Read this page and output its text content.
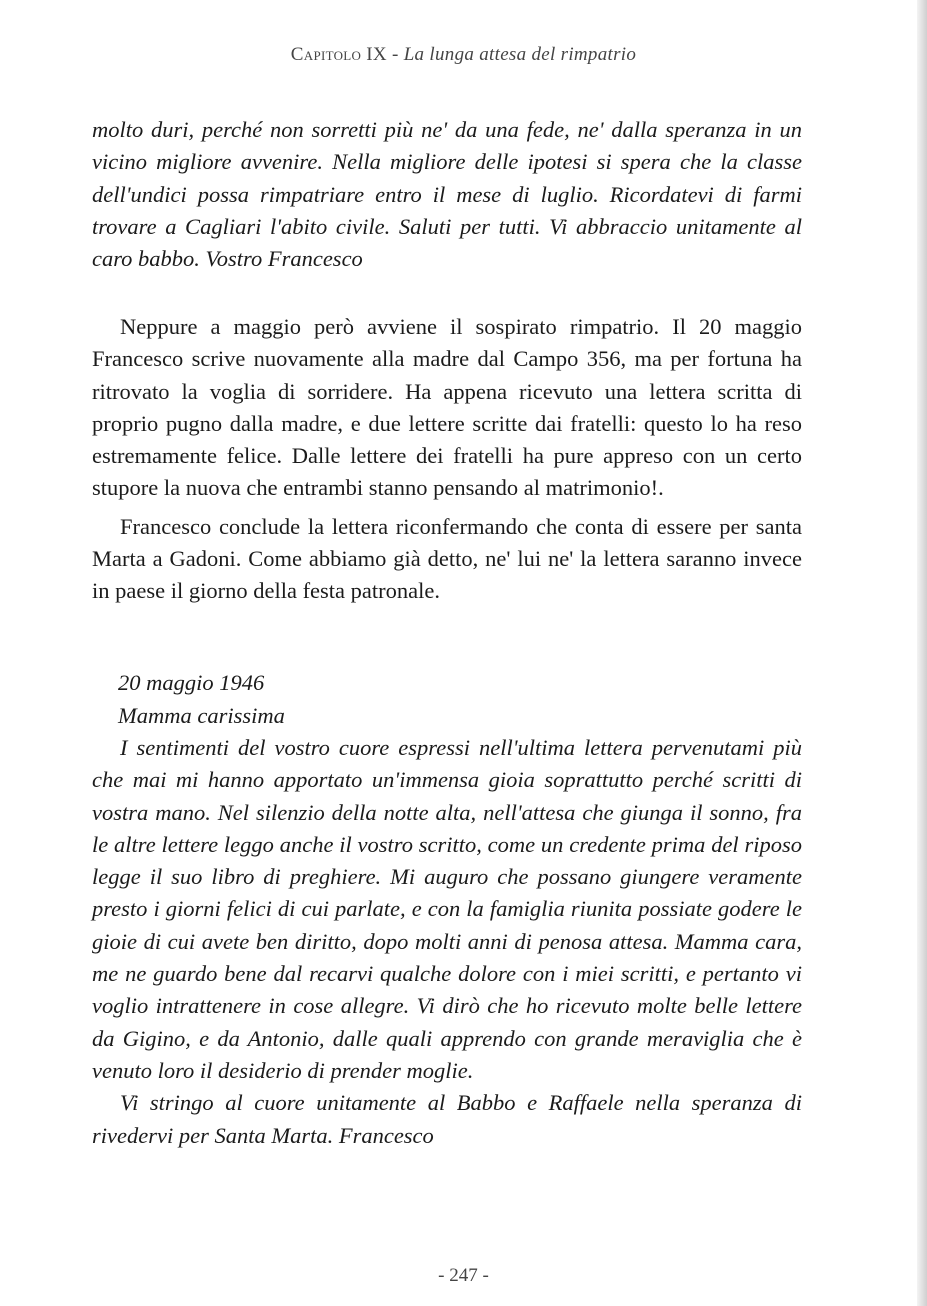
Capitolo IX - La lunga attesa del rimpatrio

molto duri, perché non sorretti più ne' da una fede, ne' dalla speranza in un vicino migliore avvenire. Nella migliore delle ipotesi si spera che la classe dell'undici possa rimpatriare entro il mese di luglio. Ricordatevi di farmi trovare a Cagliari l'abito civile. Saluti per tutti. Vi abbraccio unitamente al caro babbo. Vostro Francesco

Neppure a maggio però avviene il sospirato rimpatrio. Il 20 maggio Francesco scrive nuovamente alla madre dal Campo 356, ma per fortuna ha ritrovato la voglia di sorridere. Ha appena ricevuto una lettera scritta di proprio pugno dalla madre, e due lettere scritte dai fratelli: questo lo ha reso estremamente felice. Dalle lettere dei fratelli ha pure appreso con un certo stupore la nuova che entrambi stanno pensando al matrimonio!.

Francesco conclude la lettera riconfermando che conta di essere per santa Marta a Gadoni. Come abbiamo già detto, ne' lui ne' la lettera saranno invece in paese il giorno della festa patronale.

20 maggio 1946
Mamma carissima

I sentimenti del vostro cuore espressi nell'ultima lettera pervenutami più che mai mi hanno apportato un'immensa gioia soprattutto perché scritti di vostra mano. Nel silenzio della notte alta, nell'attesa che giunga il sonno, fra le altre lettere leggo anche il vostro scritto, come un credente prima del riposo legge il suo libro di preghiere. Mi auguro che possano giungere veramente presto i giorni felici di cui parlate, e con la famiglia riunita possiate godere le gioie di cui avete ben diritto, dopo molti anni di penosa attesa. Mamma cara, me ne guardo bene dal recarvi qualche dolore con i miei scritti, e pertanto vi voglio intrattenere in cose allegre. Vi dirò che ho ricevuto molte belle lettere da Gigino, e da Antonio, dalle quali apprendo con grande meraviglia che è venuto loro il desiderio di prender moglie.

Vi stringo al cuore unitamente al Babbo e Raffaele nella speranza di rivedervi per Santa Marta. Francesco

- 247 -
